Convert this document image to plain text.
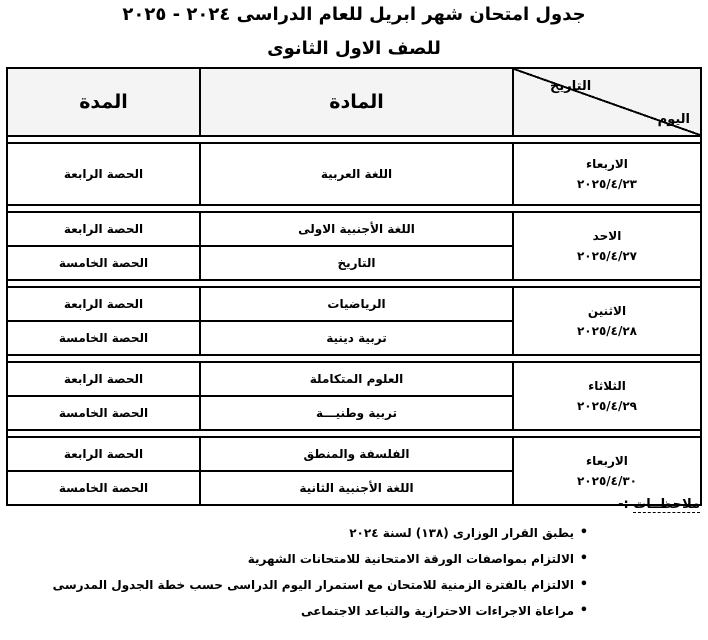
جدول امتحان شهر ابريل للعام الدراسى ٢٠٢٤ - ٢٠٢٥
للصف الاول الثانوى
التاريخ
اليوم	المادة	المدة

الاربعاء
٢٠٢٥/٤/٢٣	اللغة العربية	الحصة الرابعة

الاحد
٢٠٢٥/٤/٢٧	اللغة الأجنبية الاولى	الحصة الرابعة
	التاريخ	الحصة الخامسة

الاثنين
٢٠٢٥/٤/٢٨	الرياضيات	الحصة الرابعة
	تربية دينية	الحصة الخامسة

الثلاثاء
٢٠٢٥/٤/٢٩	العلوم المتكاملة	الحصة الرابعة
	تربية وطنيـــة	الحصة الخامسة

الاربعاء
٢٠٢٥/٤/٣٠	الفلسفة والمنطق	الحصة الرابعة
	اللغة الأجنبية الثانية	الحصة الخامسة
ملاحظــات :-
• يطبق القرار الوزارى (١٣٨) لسنة ٢٠٢٤
• الالتزام بمواصفات الورقة الامتحانية للامتحانات الشهرية
• الالتزام بالفترة الزمنية للامتحان مع استمرار اليوم الدراسى حسب خطة الجدول المدرسى
• مراعاة الاجراءات الاحترازية والتباعد الاجتماعى
